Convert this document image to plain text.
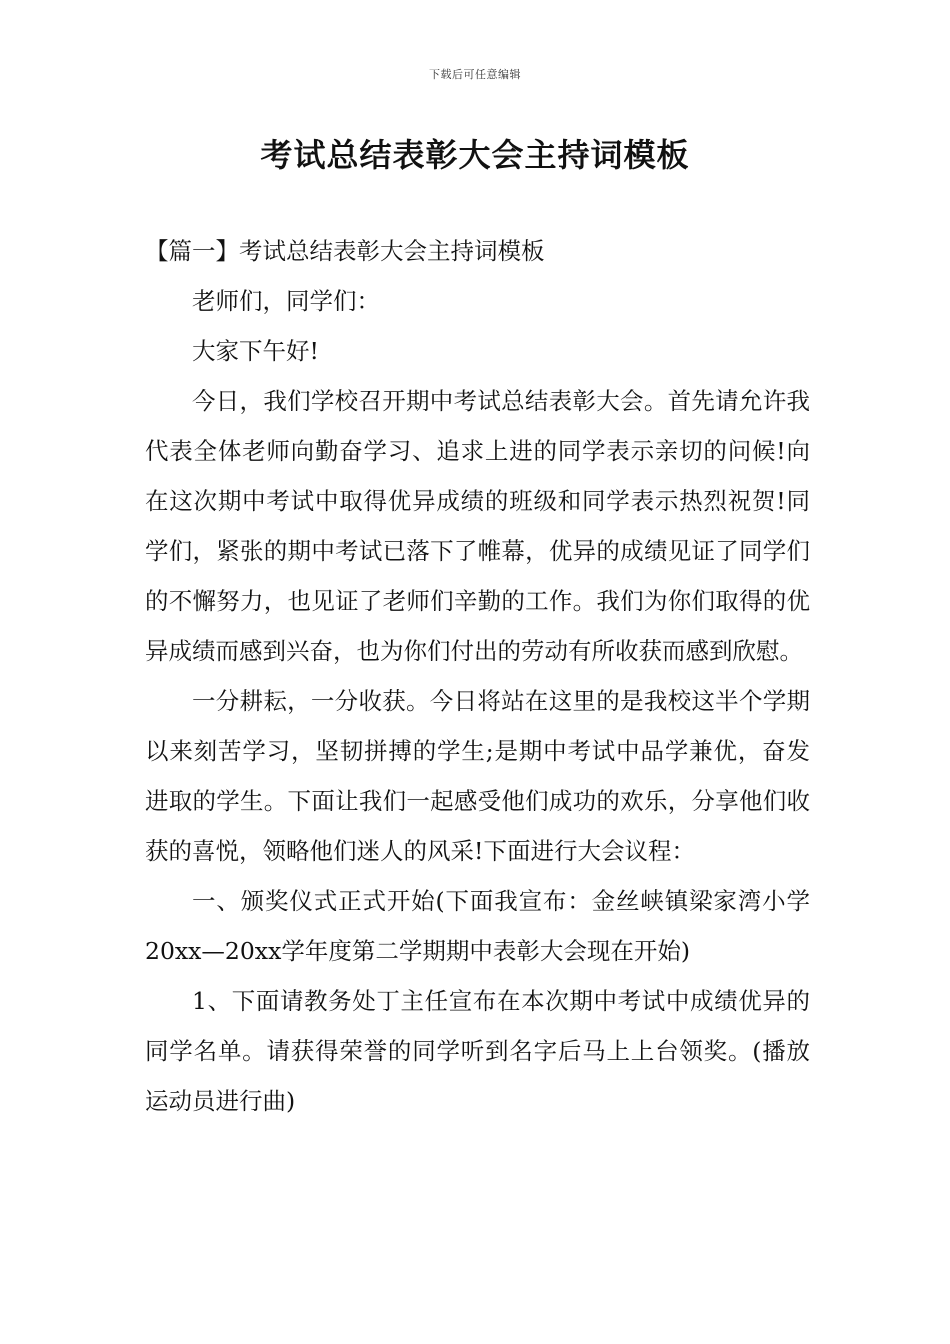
下载后可任意编辑
考试总结表彰大会主持词模板

【篇一】考试总结表彰大会主持词模板

老师们，同学们：

大家下午好!

今日，我们学校召开期中考试总结表彰大会。首先请允许我代表全体老师向勤奋学习、追求上进的同学表示亲切的问候!向在这次期中考试中取得优异成绩的班级和同学表示热烈祝贺!同学们，紧张的期中考试已落下了帷幕，优异的成绩见证了同学们的不懈努力，也见证了老师们辛勤的工作。我们为你们取得的优异成绩而感到兴奋，也为你们付出的劳动有所收获而感到欣慰。

一分耕耘，一分收获。今日将站在这里的是我校这半个学期以来刻苦学习，坚韧拼搏的学生;是期中考试中品学兼优，奋发进取的学生。下面让我们一起感受他们成功的欢乐，分享他们收获的喜悦，领略他们迷人的风采!下面进行大会议程：

一、颁奖仪式正式开始(下面我宣布：金丝峡镇梁家湾小学20xx—20xx学年度第二学期期中表彰大会现在开始)

1、下面请教务处丁主任宣布在本次期中考试中成绩优异的同学名单。请获得荣誉的同学听到名字后马上上台领奖。(播放运动员进行曲)
